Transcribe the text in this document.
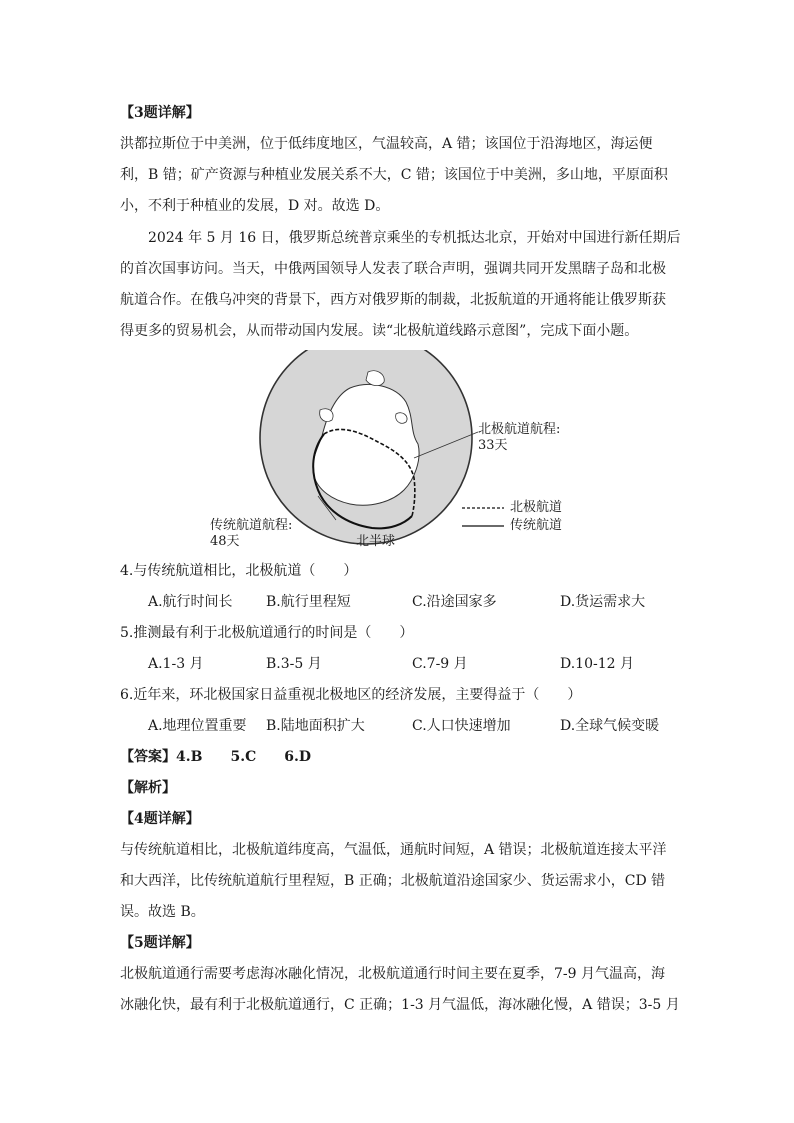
【3题详解】
洪都拉斯位于中美洲，位于低纬度地区，气温较高，A 错；该国位于沿海地区，海运便
利，B 错；矿产资源与种植业发展关系不大，C 错；该国位于中美洲，多山地，平原面积
小，不利于种植业的发展，D 对。故选 D。
2024 年 5 月 16 日，俄罗斯总统普京乘坐的专机抵达北京，开始对中国进行新任期后
的首次国事访问。当天，中俄两国领导人发表了联合声明，强调共同开发黑瞎子岛和北极
航道合作。在俄乌冲突的背景下，西方对俄罗斯的制裁，北扳航道的开通将能让俄罗斯获
得更多的贸易机会，从而带动国内发展。读“北极航道线路示意图”，完成下面小题。
北极航道航程:
33天
北极航道
传统航道
传统航道航程:
48天	北半球
4.与传统航道相比，北极航道（　　）
A.航行时间长 B.航行里程短	C.沿途国家多	D.货运需求大
5.推测最有利于北极航道通行的时间是（　　）
A.1-3 月	B.3-5 月	C.7-9 月	D.10-12 月
6.近年来，环北极国家日益重视北极地区的经济发展，主要得益于（　　）
A.地理位置重要 B.陆地面积扩大	C.人口快速增加	D.全球气候变暖
【答案】4.B　　5.C　　6.D
【解析】
【4题详解】
与传统航道相比，北极航道纬度高，气温低，通航时间短，A 错误；北极航道连接太平洋
和大西洋，比传统航道航行里程短，B 正确；北极航道沿途国家少、货运需求小，CD 错
误。故选 B。
【5题详解】
北极航道通行需要考虑海冰融化情况，北极航道通行时间主要在夏季，7-9 月气温高，海
冰融化快，最有利于北极航道通行，C 正确；1-3 月气温低，海冰融化慢，A 错误；3-5 月
